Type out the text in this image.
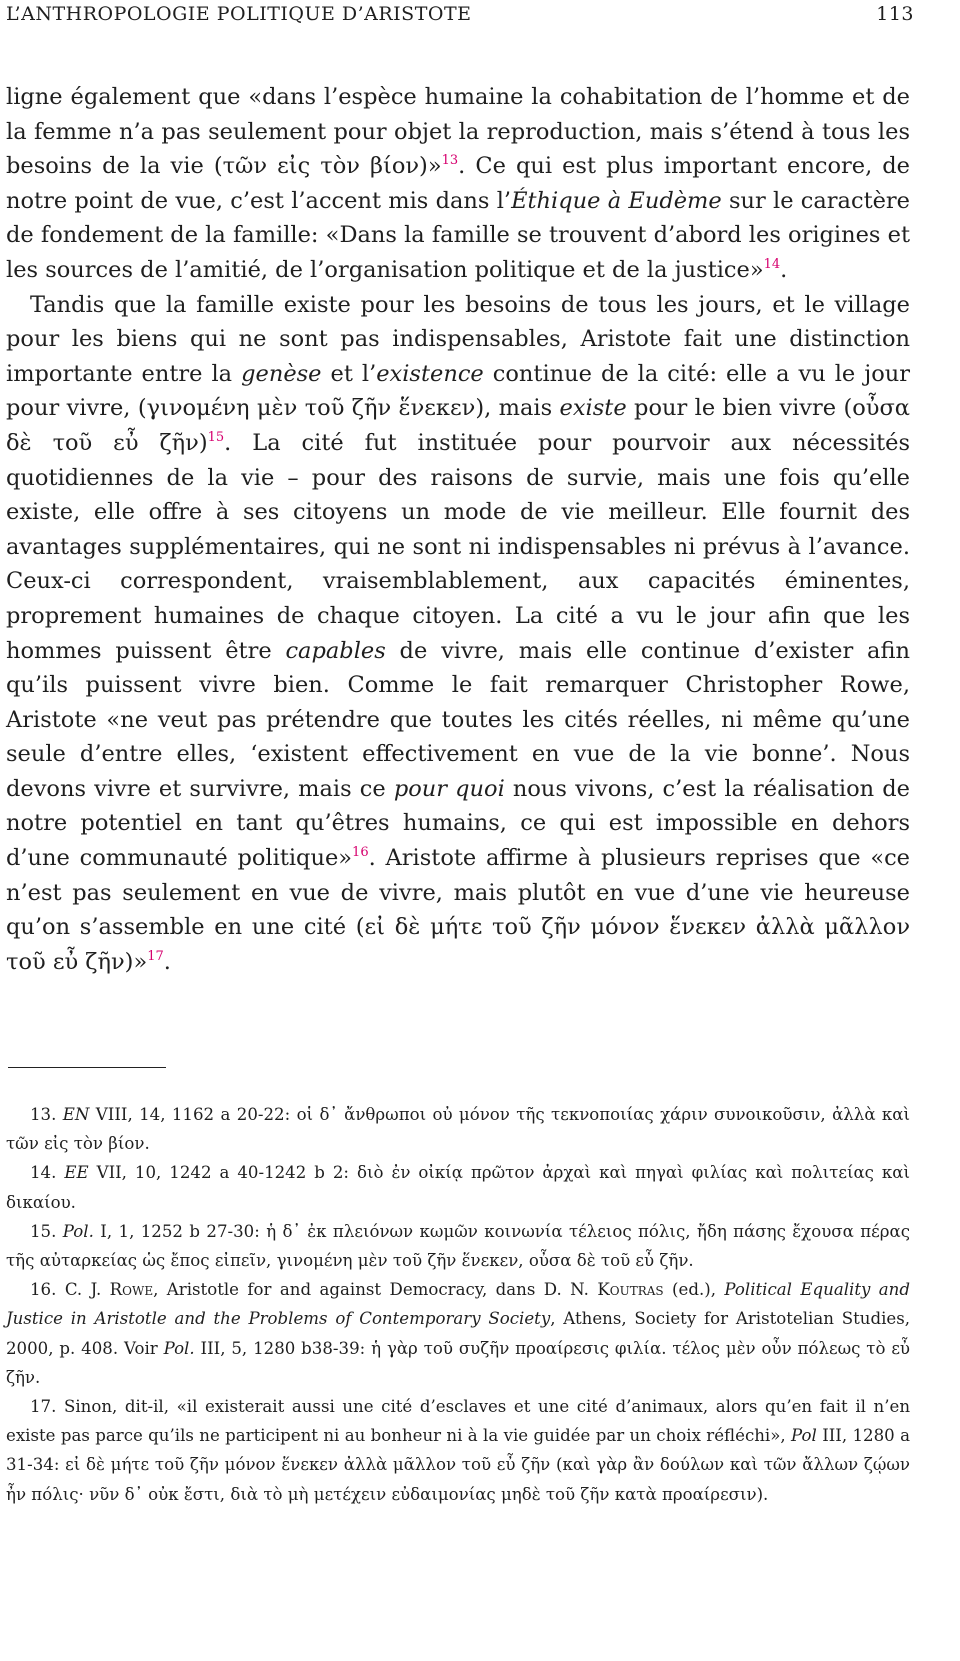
L’ANTHROPOLOGIE POLITIQUE D’ARISTOTE	113

ligne également que «dans l’espèce humaine la cohabitation de l’homme et de la femme n’a pas seulement pour objet la reproduction, mais s’étend à tous les besoins de la vie (τῶν εἰς τὸν βίον)»$^{13}$. Ce qui est plus important encore, de notre point de vue, c’est l’accent mis dans l’Éthique à Eudème sur le caractère de fondement de la famille: «Dans la famille se trouvent d’abord les origines et les sources de l’amitié, de l’organisation politique et de la justice»$^{14}$.

Tandis que la famille existe pour les besoins de tous les jours, et le village pour les biens qui ne sont pas indispensables, Aristote fait une distinction importante entre la genèse et l’existence continue de la cité: elle a vu le jour pour vivre, (γινομένη μὲν τοῦ ζῆν ἕνεκεν), mais existe pour le bien vivre (οὖσα δὲ τοῦ εὖ ζῆν)$^{15}$. La cité fut instituée pour pourvoir aux nécessités quotidiennes de la vie – pour des raisons de survie, mais une fois qu’elle existe, elle offre à ses citoyens un mode de vie meilleur. Elle fournit des avantages supplémentaires, qui ne sont ni indispensables ni prévus à l’avance. Ceux-ci correspondent, vraisemblablement, aux capacités éminentes, proprement humaines de chaque citoyen. La cité a vu le jour afin que les hommes puissent être capables de vivre, mais elle continue d’exister afin qu’ils puissent vivre bien. Comme le fait remarquer Christopher Rowe, Aristote «ne veut pas prétendre que toutes les cités réelles, ni même qu’une seule d’entre elles, ‘existent effectivement en vue de la vie bonne’. Nous devons vivre et survivre, mais ce pour quoi nous vivons, c’est la réalisation de notre potentiel en tant qu’êtres humains, ce qui est impossible en dehors d’une communauté politique»$^{16}$. Aristote affirme à plusieurs reprises que «ce n’est pas seulement en vue de vivre, mais plutôt en vue d’une vie heureuse qu’on s’assemble en une cité (εἰ δὲ μήτε τοῦ ζῆν μόνον ἕνεκεν ἀλλὰ μᾶλλον τοῦ εὖ ζῆν)»$^{17}$.

13. EN VIII, 14, 1162 a 20-22: οἱ δ᾽ ἄνθρωποι οὐ μόνον τῆς τεκνοποιίας χάριν συνοικοῦσιν, ἀλλὰ καὶ τῶν εἰς τὸν βίον.

14. EE VII, 10, 1242 a 40-1242 b 2: διὸ ἐν οἰκίᾳ πρῶτον ἀρχαὶ καὶ πηγαὶ φιλίας καὶ πολιτείας καὶ δικαίου.

15. Pol. I, 1, 1252 b 27-30: ἡ δ᾽ ἐκ πλειόνων κωμῶν κοινωνία τέλειος πόλις, ἤδη πάσης ἔχουσα πέρας τῆς αὐταρκείας ὡς ἔπος εἰπεῖν, γινομένη μὲν τοῦ ζῆν ἕνεκεν, οὖσα δὲ τοῦ εὖ ζῆν.

16. C. J. Rowe, Aristotle for and against Democracy, dans D. N. Koutras (ed.), Political Equality and Justice in Aristotle and the Problems of Contemporary Society, Athens, Society for Aristotelian Studies, 2000, p. 408. Voir Pol. III, 5, 1280 b38-39: ἡ γὰρ τοῦ συζῆν προαίρεσις φιλία. τέλος μὲν οὖν πόλεως τὸ εὖ ζῆν.

17. Sinon, dit-il, «il existerait aussi une cité d’esclaves et une cité d’animaux, alors qu’en fait il n’en existe pas parce qu’ils ne participent ni au bonheur ni à la vie guidée par un choix réfléchi», Pol III, 1280 a 31-34: εἰ δὲ μήτε τοῦ ζῆν μόνον ἕνεκεν ἀλλὰ μᾶλλον τοῦ εὖ ζῆν (καὶ γὰρ ἂν δούλων καὶ τῶν ἄλλων ζῴων ἦν πόλις· νῦν δ᾽ οὐκ ἔστι, διὰ τὸ μὴ μετέχειν εὐδαιμονίας μηδὲ τοῦ ζῆν κατὰ προαίρεσιν).
